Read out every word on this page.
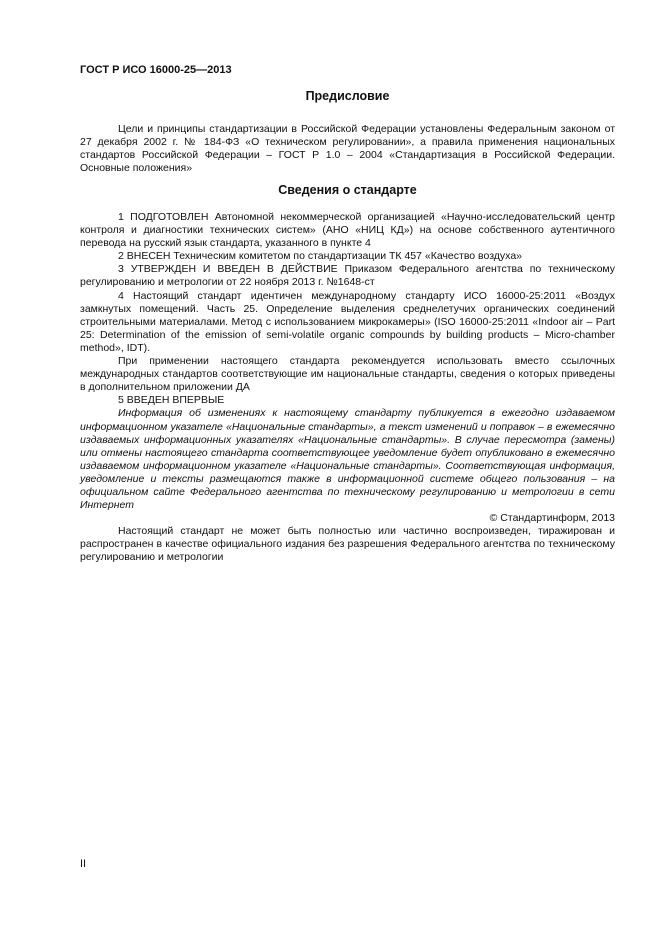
ГОСТ Р ИСО 16000-25—2013
Предисловие

Цели и принципы стандартизации в Российской Федерации установлены Федеральным законом от 27 декабря 2002 г. № 184-ФЗ «О техническом регулировании», а правила применения национальных стандартов Российской Федерации – ГОСТ Р 1.0 – 2004 «Стандартизация в Российской Федерации. Основные положения»

Сведения о стандарте

1 ПОДГОТОВЛЕН Автономной некоммерческой организацией «Научно-исследовательский центр контроля и диагностики технических систем» (АНО «НИЦ КД») на основе собственного аутентичного перевода на русский язык стандарта, указанного в пункте 4

2 ВНЕСЕН Техническим комитетом по стандартизации ТК 457 «Качество воздуха»

3 УТВЕРЖДЕН И ВВЕДЕН В ДЕЙСТВИЕ Приказом Федерального агентства по техническому регулированию и метрологии от 22 ноября 2013 г. №1648-ст

4 Настоящий стандарт идентичен международному стандарту ИСО 16000-25:2011 «Воздух замкнутых помещений. Часть 25. Определение выделения среднелетучих органических соединений строительными материалами. Метод с использованием микрокамеры» (ISO 16000-25:2011 «Indoor air – Part 25: Determination of the emission of semi-volatile organic compounds by building products – Micro-chamber method», IDT).

При применении настоящего стандарта рекомендуется использовать вместо ссылочных международных стандартов соответствующие им национальные стандарты, сведения о которых приведены в дополнительном приложении ДА

5 ВВЕДЕН ВПЕРВЫЕ

Информация об изменениях к настоящему стандарту публикуется в ежегодно издаваемом информационном указателе «Национальные стандарты», а текст изменений и поправок – в ежемесячно издаваемых информационных указателях «Национальные стандарты». В случае пересмотра (замены) или отмены настоящего стандарта соответствующее уведомление будет опубликовано в ежемесячно издаваемом информационном указателе «Национальные стандарты». Соответствующая информация, уведомление и тексты размещаются также в информационной системе общего пользования – на официальном сайте Федерального агентства по техническому регулированию и метрологии в сети Интернет

© Стандартинформ, 2013

Настоящий стандарт не может быть полностью или частично воспроизведен, тиражирован и распространен в качестве официального издания без разрешения Федерального агентства по техническому регулированию и метрологии

II
